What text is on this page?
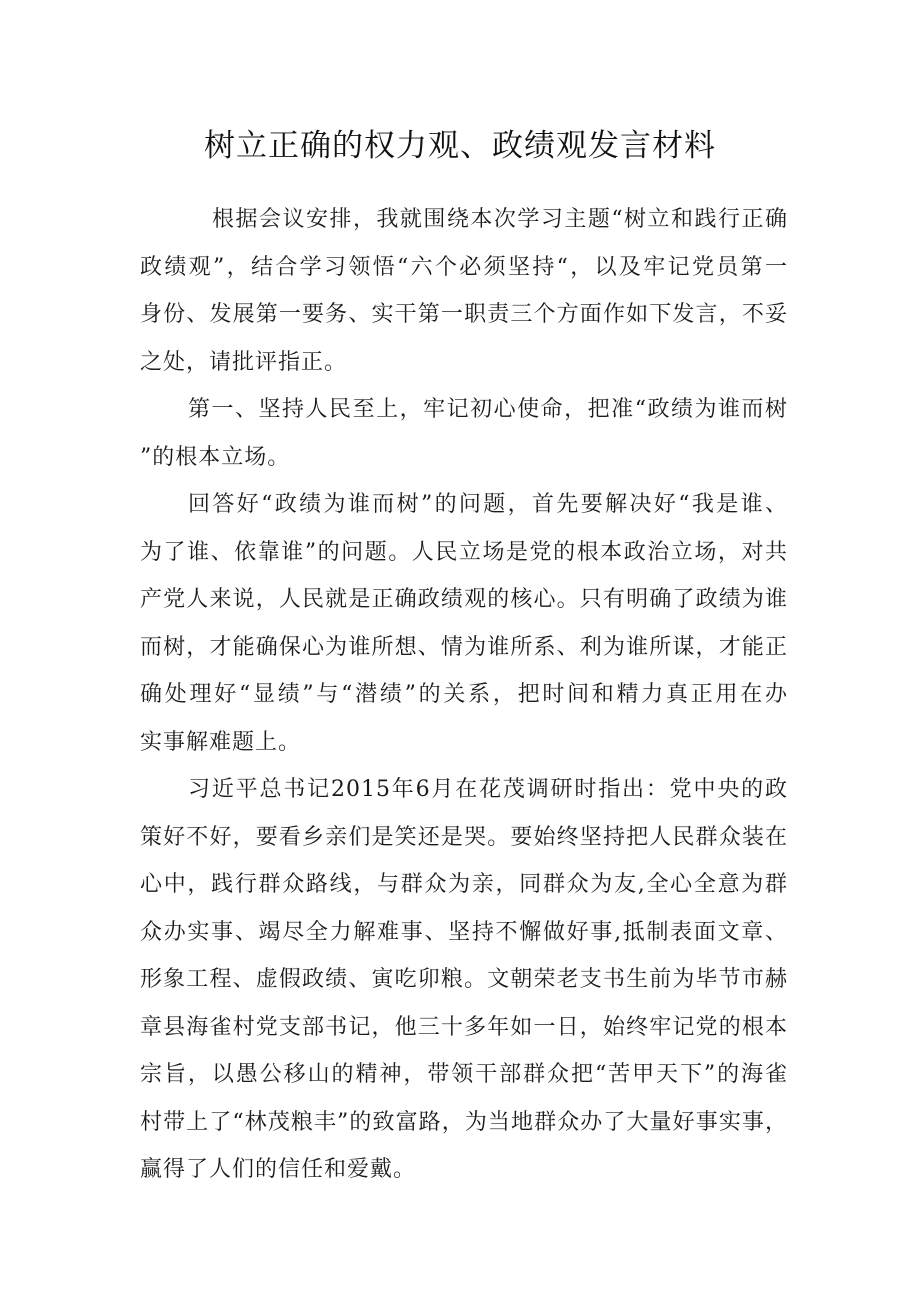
树立正确的权力观、政绩观发言材料
根据会议安排，我就围绕本次学习主题“树立和践行正确
政绩观”，结合学习领悟“六个必须坚持“，以及牢记党员第一
身份、发展第一要务、实干第一职责三个方面作如下发言，不妥
之处，请批评指正。
第一、坚持人民至上，牢记初心使命，把准“政绩为谁而树
”的根本立场。
回答好“政绩为谁而树”的问题，首先要解决好“我是谁、
为了谁、依靠谁”的问题。人民立场是党的根本政治立场，对共
产党人来说，人民就是正确政绩观的核心。只有明确了政绩为谁
而树，才能确保心为谁所想、情为谁所系、利为谁所谋，才能正
确处理好“显绩”与“潜绩”的关系，把时间和精力真正用在办
实事解难题上。
习近平总书记2015年6月在花茂调研时指出：党中央的政
策好不好，要看乡亲们是笑还是哭。要始终坚持把人民群众装在
心中，践行群众路线，与群众为亲，同群众为友,全心全意为群
众办实事、竭尽全力解难事、坚持不懈做好事,抵制表面文章、
形象工程、虚假政绩、寅吃卯粮。文朝荣老支书生前为毕节市赫
章县海雀村党支部书记，他三十多年如一日，始终牢记党的根本
宗旨，以愚公移山的精神，带领干部群众把“苦甲天下”的海雀
村带上了“林茂粮丰”的致富路，为当地群众办了大量好事实事，
赢得了人们的信任和爱戴。
